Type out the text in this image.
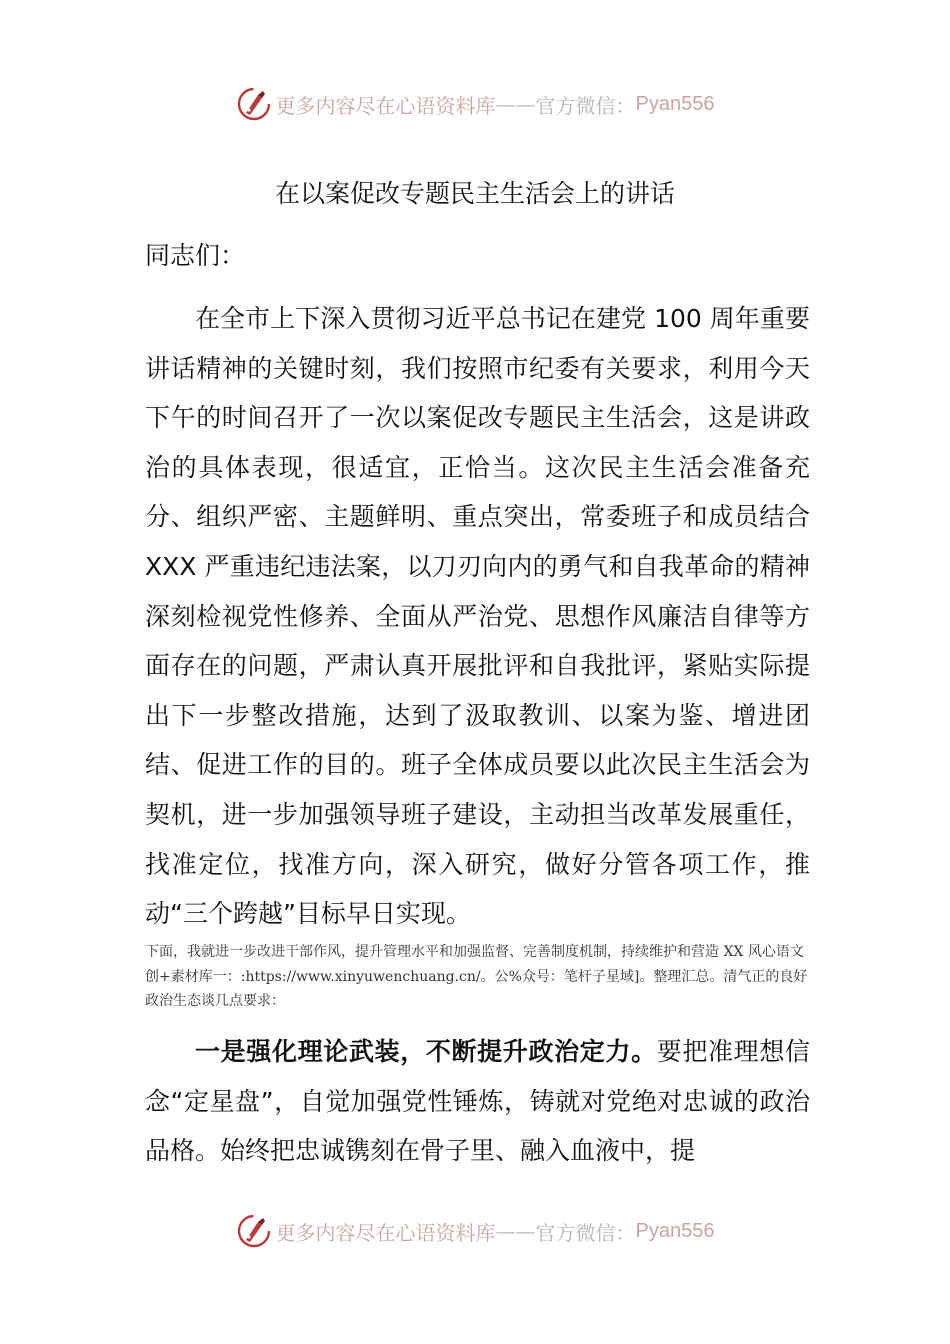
更多内容尽在心语资料库 —— 官方微信： Pyan556
在以案促改专题民主生活会上的讲话
同志们：

在全市上下深入贯彻习近平总书记在建党 100 周年重要讲话精神的关键时刻，我们按照市纪委有关要求，利用今天下午的时间召开了一次以案促改专题民主生活会，这是讲政治的具体表现，很适宜，正恰当。这次民主生活会准备充分、组织严密、主题鲜明、重点突出，常委班子和成员结合 XXX 严重违纪违法案，以刀刃向内的勇气和自我革命的精神深刻检视党性修养、全面从严治党、思想作风廉洁自律等方面存在的问题，严肃认真开展批评和自我批评，紧贴实际提出下一步整改措施，达到了汲取教训、以案为鉴、增进团结、促进工作的目的。班子全体成员要以此次民主生活会为契机，进一步加强领导班子建设，主动担当改革发展重任，找准定位，找准方向，深入研究，做好分管各项工作，推动“三个跨越”目标早日实现。

下面，我就进一步改进干部作风，提升管理水平和加强监督、完善制度机制，持续维护和营造 XX 风心语文创+素材库一：:https://www.xinyuwenchuang.cn/。公%众号：笔杆子星域]。整理汇总。清气正的良好政治生态谈几点要求：

一是强化理论武装，不断提升政治定力。要把准理想信念“定星盘”，自觉加强党性锤炼，铸就对党绝对忠诚的政治品格。始终把忠诚镌刻在骨子里、融入血液中，提

更多内容尽在心语资料库 —— 官方微信： Pyan556
